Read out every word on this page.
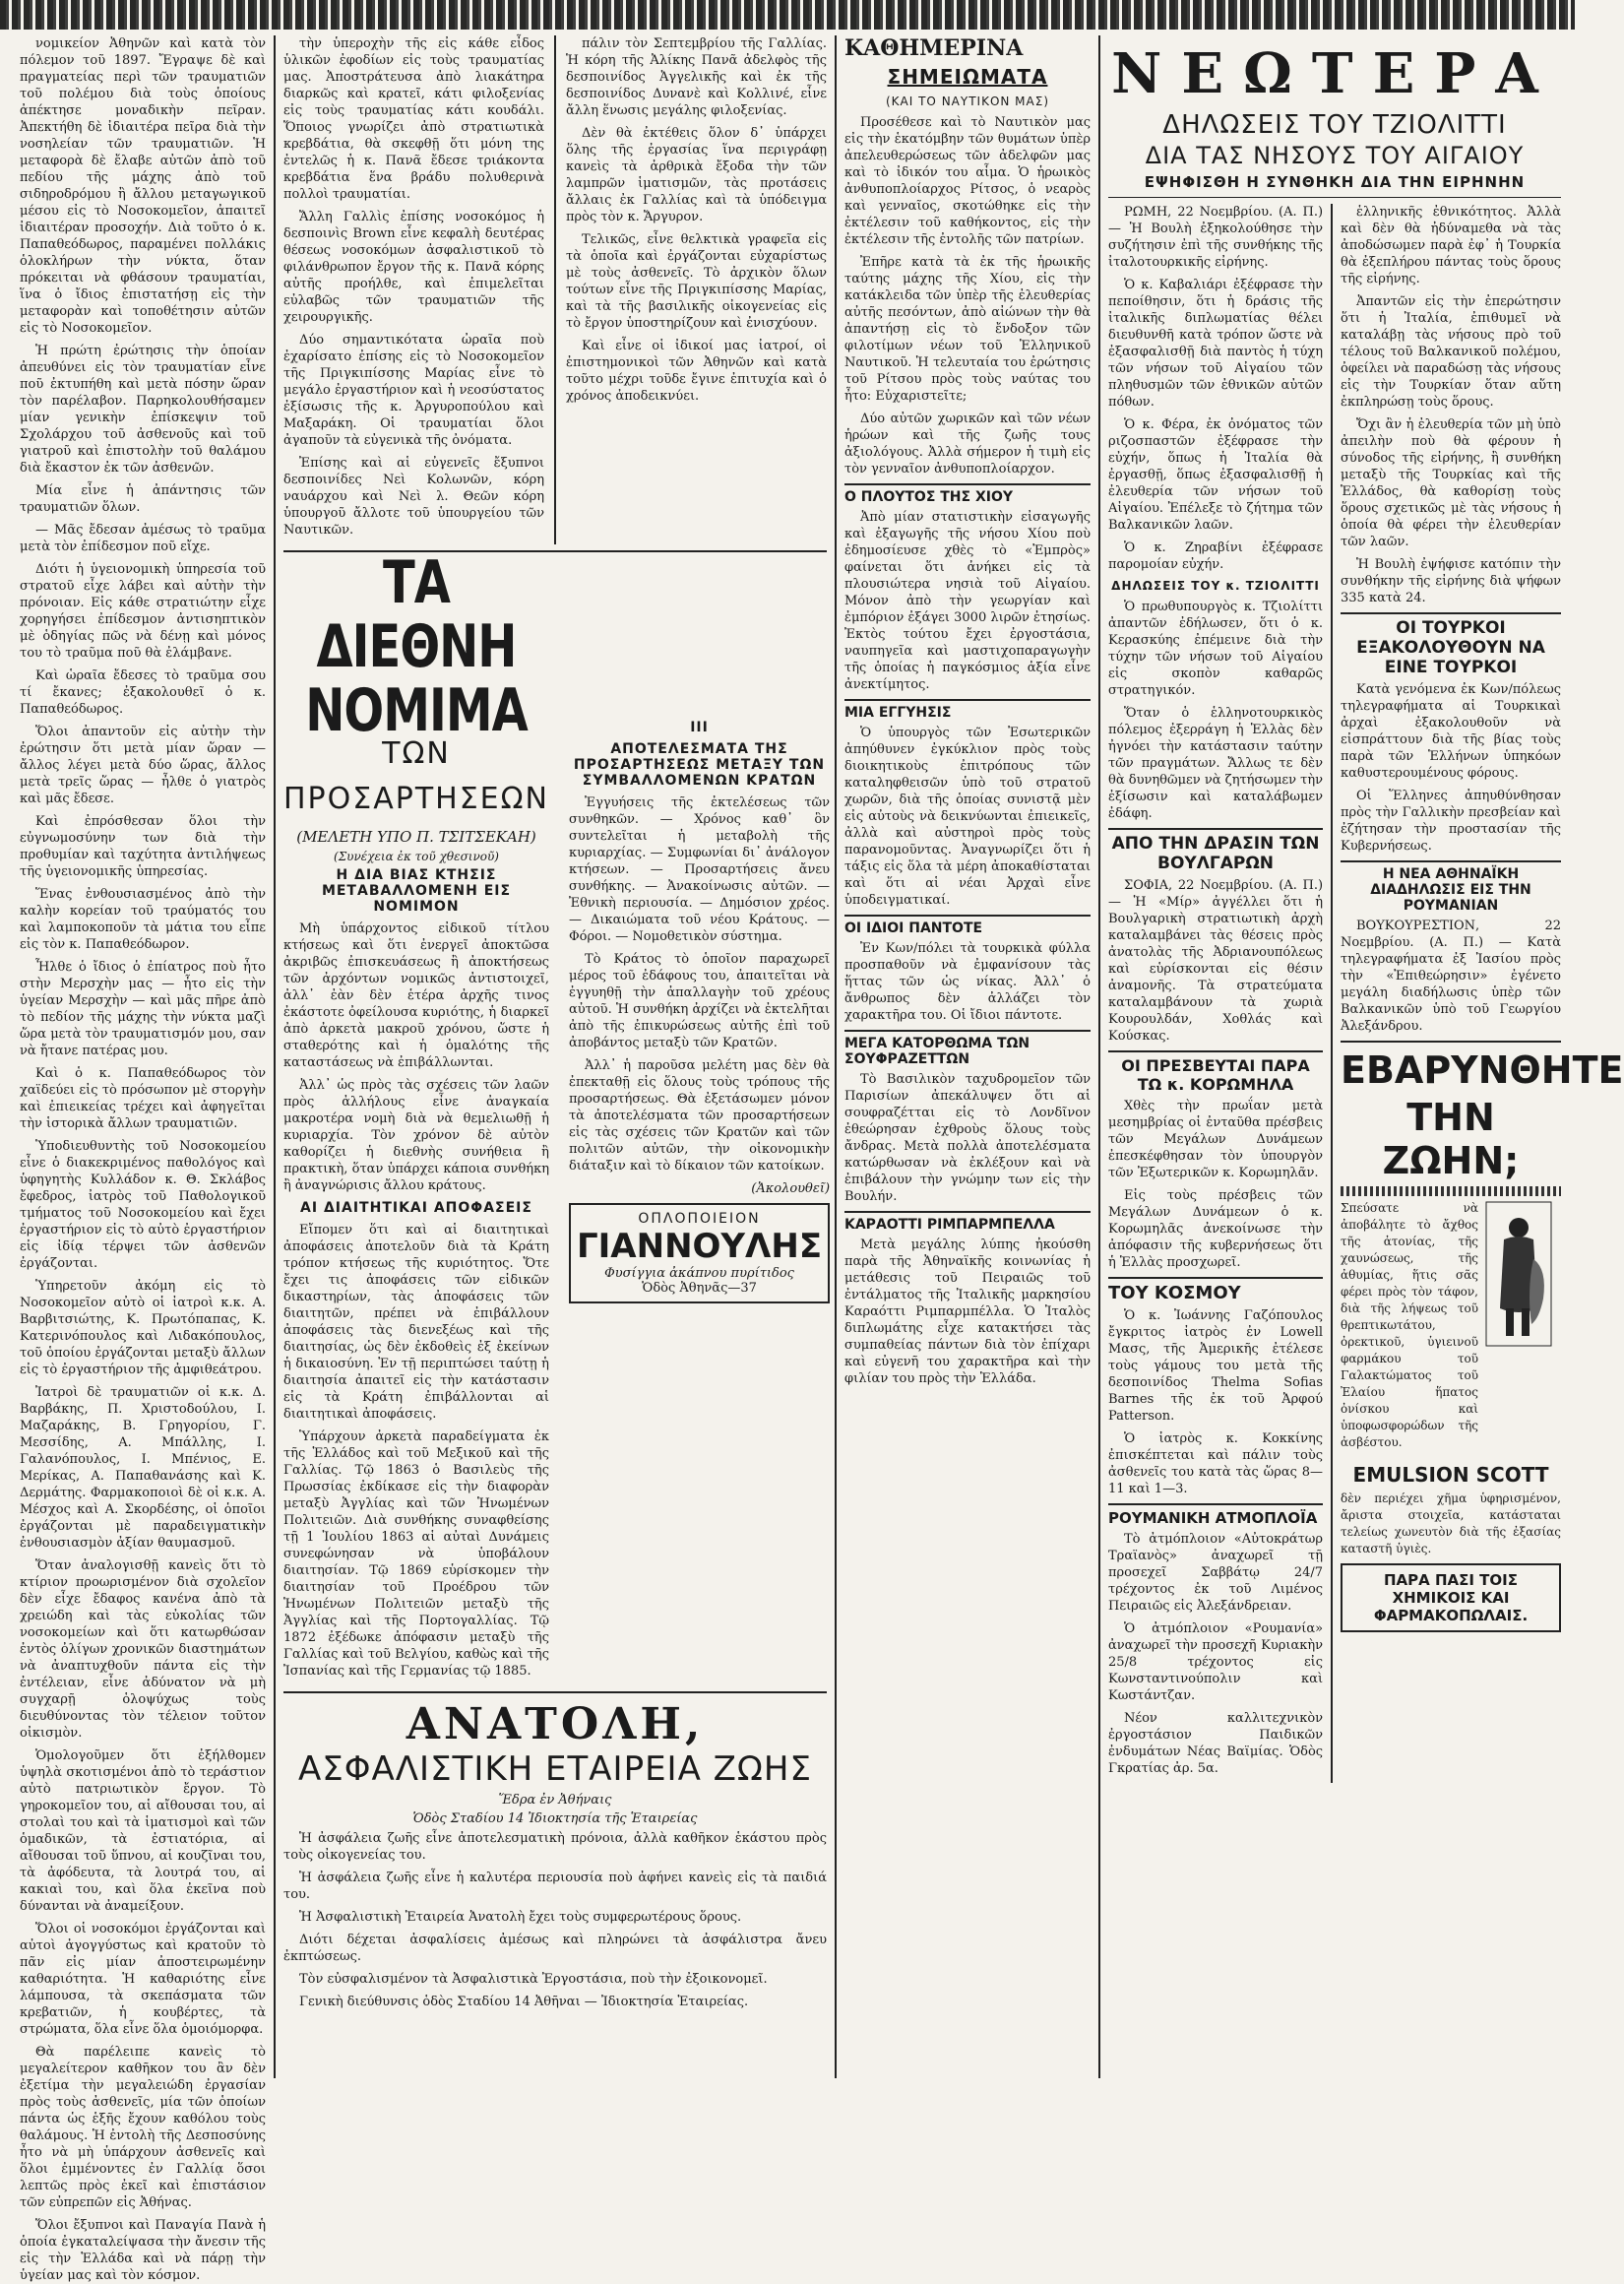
νομικείον Ἀθηνῶν καὶ κατὰ τὸν πόλεμον τοῦ 1897. Ἔγραψε δὲ καὶ πραγματείας περὶ τῶν τραυματιῶν τοῦ πολέμου διὰ τοὺς ὁποίους ἀπέκτησε μοναδικὴν πεῖραν. Ἀπεκτήθη δὲ ἰδιαιτέρα πεῖρα διὰ τὴν νοσηλείαν τῶν τραυματιῶν. Ἡ μεταφορὰ δὲ ἔλαβε αὐτῶν ἀπὸ τοῦ πεδίου τῆς μάχης ἀπὸ τοῦ σιδηροδρόμου ἢ ἄλλου μεταγωγικοῦ μέσου εἰς τὸ Νοσοκομεῖον, ἀπαιτεῖ ἰδιαιτέραν προσοχήν. Διὰ τοῦτο ὁ κ. Παπαθεόδωρος, παραμένει πολλάκις ὁλοκλήρων τὴν νύκτα, ὅταν πρόκειται νὰ φθάσουν τραυματίαι, ἵνα ὁ ἴδιος ἐπιστατήσῃ εἰς τὴν μεταφορὰν καὶ τοποθέτησιν αὐτῶν εἰς τὸ Νοσοκομεῖον.

Ἡ πρώτη ἐρώτησις τὴν ὁποίαν ἀπευθύνει εἰς τὸν τραυματίαν εἶνε ποῦ ἐκτυπήθη καὶ μετὰ πόσην ὥραν τὸν παρέλαβον. Παρηκολουθήσαμεν μίαν γενικὴν ἐπίσκεψιν τοῦ Σχολάρχου τοῦ ἀσθενοῦς καὶ τοῦ γιατροῦ καὶ ἐπιστολὴν τοῦ θαλάμου διὰ ἔκαστον ἐκ τῶν ἀσθενῶν.

Μία εἶνε ἡ ἀπάντησις τῶν τραυματιῶν ὅλων.

— Μᾶς ἔδεσαν ἀμέσως τὸ τραῦμα μετὰ τὸν ἐπίδεσμον ποῦ εἴχε.

Διότι ἡ ὑγειονομικὴ ὑπηρεσία τοῦ στρατοῦ εἶχε λάβει καὶ αὐτὴν τὴν πρόνοιαν. Εἰς κάθε στρατιώτην εἶχε χορηγήσει ἐπίδεσμον ἀντισηπτικὸν μὲ ὁδηγίας πῶς νὰ δένῃ καὶ μόνος του τὸ τραῦμα ποῦ θὰ ἐλάμβανε.

Καὶ ὡραῖα ἔδεσες τὸ τραῦμα σου τί ἔκανες; ἐξακολουθεῖ ὁ κ. Παπαθεόδωρος.

Ὅλοι ἀπαντοῦν εἰς αὐτὴν τὴν ἐρώτησιν ὅτι μετὰ μίαν ὥραν — ἄλλος λέγει μετὰ δύο ὥρας, ἄλλος μετὰ τρεῖς ὥρας — ἦλθε ὁ γιατρὸς καὶ μᾶς ἔδεσε.

Καὶ ἐπρόσθεσαν ὅλοι τὴν εὐγνωμοσύνην των διὰ τὴν προθυμίαν καὶ ταχύτητα ἀντιλήψεως τῆς ὑγειονομικῆς ὑπηρεσίας.

Ἕνας ἐνθουσιασμένος ἀπὸ τὴν καλὴν κορείαν τοῦ τραύματός του καὶ λαμποκοποῦν τὰ μάτια του εἶπε εἰς τὸν κ. Παπαθεόδωρον.

Ἦλθε ὁ ἴδιος ὁ ἐπίατρος ποὺ ἦτο στὴν Μερσχὴν μας — ἦτο εἰς τὴν ὑγείαν Μερσχὴν — καὶ μᾶς πῆρε ἀπὸ τὸ πεδίον τῆς μάχης τὴν νύκτα μαζὶ ὥρα μετὰ τὸν τραυματισμόν μου, σαν νὰ ἤτανε πατέρας μου.

Καὶ ὁ κ. Παπαθεόδωρος τὸν χαϊδεύει εἰς τὸ πρόσωπον μὲ στοργὴν καὶ ἐπιεικείας τρέχει καὶ ἀφηγεῖται τὴν ἱστορικὰ ἄλλων τραυματιῶν.

Ὑποδιευθυντὴς τοῦ Νοσοκομείου εἶνε ὁ διακεκριμένος παθολόγος καὶ ὑφηγητὴς Κυλλάδον κ. Θ. Σκλάβος ἔφεδρος, ἰατρὸς τοῦ Παθολογικοῦ τμήματος τοῦ Νοσοκομείου καὶ ἔχει ἐργαστήριον εἰς τὸ αὐτὸ ἐργαστήριον εἰς ἰδίᾳ τέρψει τῶν ἀσθενῶν ἐργάζονται.

Ὑπηρετοῦν ἀκόμη εἰς τὸ Νοσοκομεῖον αὐτὸ οἱ ἰατροὶ κ.κ. Α. Βαρβιτσιώτης, Κ. Πρωτόπαπας, Κ. Κατερινόπουλος καὶ Λιδακόπουλος, τοῦ ὁποίου ἐργάζονται μεταξὺ ἄλλων εἰς τὸ ἐργαστήριον τῆς ἀμφιθεάτρου.

Ἰατροὶ δὲ τραυματιῶν οἱ κ.κ. Δ. Βαρβάκης, Π. Χριστοδούλου, Ι. Μαζαράκης, Β. Γρηγορίου, Γ. Μεσσίδης, Α. Μπάλλης, Ι. Γαλανόπουλος, Ι. Μπένιος, Ε. Μερίκας, Α. Παπαθανάσης καὶ Κ. Δερμάτης. Φαρμακοποιοὶ δὲ οἱ κ.κ. Α. Μέσχος καὶ Α. Σκορδέσης, οἱ ὁποῖοι ἐργάζονται μὲ παραδειγματικὴν ἐνθουσιασμὸν ἀξίαν θαυμασμοῦ.

Ὅταν ἀναλογισθῇ κανεὶς ὅτι τὸ κτίριον προωρισμένον διὰ σχολεῖον δὲν εἶχε ἔδαφος κανένα ἀπὸ τὰ χρειώδη καὶ τὰς εὐκολίας τῶν νοσοκομείων καὶ ὅτι κατωρθώσαν ἐντὸς ὀλίγων χρονικῶν διαστημάτων νὰ ἀναπτυχθοῦν πάντα εἰς τὴν ἐντέλειαν, εἶνε ἀδύνατον νὰ μὴ συγχαρῇ ὁλοψύχως τοὺς διευθύνοντας τὸν τέλειον τοῦτον οἰκισμὸν.

Ὁμολογοῦμεν ὅτι ἐξήλθομεν ὑψηλὰ σκοτισμένοι ἀπὸ τὸ τεράστιον αὐτὸ πατριωτικὸν ἔργον. Τὸ γηροκομεῖον του, αἱ αἴθουσαι του, αἱ στολαὶ του καὶ τὰ ἱματισμοὶ καὶ τῶν ὁμαδικῶν, τὰ ἐστιατόρια, αἱ αἴθουσαι τοῦ ὕπνου, αἱ κουζῖναι του, τὰ ἀφόδευτα, τὰ λουτρά του, αἱ κακιαὶ του, καὶ ὅλα ἐκεῖνα ποὺ δύνανται νὰ ἀναμείξουν.

Ὅλοι οἱ νοσοκόμοι ἐργάζονται καὶ αὐτοὶ ἀγογγύστως καὶ κρατοῦν τὸ πᾶν εἰς μίαν ἀποστειρωμένην καθαριότητα. Ἡ καθαριότης εἶνε λάμπουσα, τὰ σκεπάσματα τῶν κρεβατιῶν, ἡ κουβέρτες, τὰ στρώματα, ὅλα εἶνε ὅλα ὁμοιόμορφα.

Θὰ παρέλειπε κανεὶς τὸ μεγαλείτερον καθῆκον του ἂν δὲν ἐξετίμα τὴν μεγαλειώδη ἐργασίαν πρὸς τοὺς ἀσθενεῖς, μία τῶν ὁποίων πάντα ὡς ἑξῆς ἔχουν καθόλου τοὺς θαλάμους. Ἡ ἐντολὴ τῆς Δεσποσύνης ἦτο νὰ μὴ ὑπάρχουν ἀσθενεῖς καὶ ὅλοι ἐμμένοντες ἐν Γαλλίᾳ ὅσοι λεπτῶς πρὸς ἐκεῖ καὶ ἐπιστάσιον τῶν εὐπρεπῶν εἰς Ἀθήνας.

Ὅλοι ἔξυπνοι καὶ Παναγία Πανὰ ἡ ὁποία ἐγκαταλείψασα τὴν ἄνεσιν τῆς εἰς τὴν Ἑλλάδα καὶ νὰ πάρῃ τὴν ὑγείαν μας καὶ τὸν κόσμον.

τὴν ὑπεροχὴν τῆς εἰς κάθε εἶδος ὑλικῶν ἐφοδίων εἰς τοὺς τραυματίας μας. Ἀποστράτευσα ἀπὸ λιακάτηρα διαρκῶς καὶ κρατεῖ, κάτι φιλοξενίας εἰς τοὺς τραυματίας κάτι κουδάλι. Ὅποιος γνωρίζει ἀπὸ στρατιωτικὰ κρεβδάτια, θὰ σκεφθῇ ὅτι μόνη της ἐντελῶς ἡ κ. Πανᾶ ἔδεσε τριάκοντα κρεβδάτια ἕνα βράδυ πολυθερινὰ πολλοὶ τραυματίαι.

Ἄλλη Γαλλὶς ἐπίσης νοσοκόμος ἡ δεσποινὶς Brown εἶνε κεφαλὴ δευτέρας θέσεως νοσοκόμων ἀσφαλιστικοῦ τὸ φιλάνθρωπον ἔργον τῆς κ. Πανᾶ κόρης αὐτῆς προήλθε, καὶ ἐπιμελεῖται εὐλαβῶς τῶν τραυματιῶν τῆς χειρουργικῆς.

Δύο σημαντικότατα ὠραῖα ποὺ ἐχαρίσατο ἐπίσης εἰς τὸ Νοσοκομεῖον τῆς Πριγκιπίσσης Μαρίας εἶνε τὸ μεγάλο ἐργαστήριον καὶ ἡ νεοσύστατος ἐξίσωσις τῆς κ. Ἀργυροπούλου καὶ Μαξαράκη. Οἱ τραυματίαι ὅλοι ἀγαποῦν τὰ εὐγενικὰ τῆς ὀνόματα.

Ἐπίσης καὶ αἱ εὐγενεῖς ἔξυπνοι δεσποινίδες Νεὶ Κολωνῶν, κόρη ναυάρχου καὶ Νεὶ λ. Θεῶν κόρη ὑπουργοῦ ἄλλοτε τοῦ ὑπουργείου τῶν Ναυτικῶν.

πάλιν τὸν Σεπτεμβρίου τῆς Γαλλίας. Ἡ κόρη τῆς Ἀλίκης Πανᾶ ἀδελφὸς τῆς δεσποινίδος Ἀγγελικῆς καὶ ἐκ τῆς δεσποινίδος Δυνανὲ καὶ Κολλινέ, εἶνε ἄλλη ἕνωσις μεγάλης φιλοξενίας.

Δὲν θὰ ἐκτέθεις ὅλον δ᾽ ὑπάρχει ὅλης τῆς ἐργασίας ἵνα περιγράφῃ κανεὶς τὰ ἀρθρικὰ ἔξοδα τὴν τῶν λαμπρῶν ἱματισμῶν, τὰς προτάσεις ἄλλαις ἐκ Γαλλίας καὶ τὰ ὑπόδειγμα πρὸς τὸν κ. Ἄργυρον.

Τελικῶς, εἶνε θελκτικὰ γραφεῖα εἰς τὰ ὁποῖα καὶ ἐργάζονται εὐχαρίστως μὲ τοὺς ἀσθενεῖς. Τὸ ἀρχικὸν ὅλων τούτων εἶνε τῆς Πριγκιπίσσης Μαρίας, καὶ τὰ τῆς βασιλικῆς οἰκογενείας εἰς τὸ ἔργον ὑποστηρίζουν καὶ ἐνισχύουν.

Καὶ εἶνε οἱ ἰδικοί μας ἰατροί, οἱ ἐπιστημονικοὶ τῶν Ἀθηνῶν καὶ κατὰ τοῦτο μέχρι τοῦδε ἔγινε ἐπιτυχία καὶ ὁ χρόνος ἀποδεικνύει.

ΤΑ ΔΙΕΘΝΗ ΝΟΜΙΜΑ
ΤΩΝ ΠΡΟΣΑΡΤΗΣΕΩΝ
(ΜΕΛΕΤΗ ΥΠΟ Π. ΤΣΙΤΣΕΚΑΗ)
(Συνέχεια ἐκ τοῦ χθεσινοῦ)
Η ΔΙΑ ΒΙΑΣ ΚΤΗΣΙΣ ΜΕΤΑΒΑΛΛΟΜΕΝΗ ΕΙΣ ΝΟΜΙΜΟΝ

Μὴ ὑπάρχοντος εἰδικοῦ τίτλου κτήσεως καὶ ὅτι ἐνεργεῖ ἀποκτῶσα ἀκριβῶς ἐπισκευάσεως ἢ ἀποκτήσεως τῶν ἀρχόντων νομικῶς ἀντιστοιχεῖ, ἀλλ᾽ ἐὰν δὲν ἑτέρα ἀρχῆς τινος ἐκάστοτε ὀφείλουσα κυριότης, ἡ διαρκεῖ ἀπὸ ἀρκετὰ μακροῦ χρόνου, ὥστε ἡ σταθερότης καὶ ἡ ὁμαλότης τῆς καταστάσεως νὰ ἐπιβάλλωνται.

Ἀλλ᾽ ὡς πρὸς τὰς σχέσεις τῶν λαῶν πρὸς ἀλλήλους εἶνε ἀναγκαία μακροτέρα νομὴ διὰ νὰ θεμελιωθῇ ἡ κυριαρχία. Τὸν χρόνον δὲ αὐτὸν καθορίζει ἡ διεθνὴς συνήθεια ἢ πρακτικὴ, ὅταν ὑπάρχει κάποια συνθήκη ἢ ἀναγνώρισις ἄλλου κράτους.

ΑΙ ΔΙΑΙΤΗΤΙΚΑΙ ΑΠΟΦΑΣΕΙΣ

Εἴπομεν ὅτι καὶ αἱ διαιτητικαὶ ἀποφάσεις ἀποτελοῦν διὰ τὰ Κράτη τρόπον κτήσεως τῆς κυριότητος. Ὅτε ἔχει τις ἀποφάσεις τῶν εἰδικῶν δικαστηρίων, τὰς ἀποφάσεις τῶν διαιτητῶν, πρέπει νὰ ἐπιβάλλουν ἀποφάσεις τὰς διενεξέως καὶ τῆς διαιτησίας, ὡς δὲν ἐκδοθεὶς ἐξ ἐκείνων ἡ δικαιοσύνη. Ἐν τῇ περιπτώσει ταύτῃ ἡ διαιτησία ἀπαιτεῖ εἰς τὴν κατάστασιν εἰς τὰ Κράτη ἐπιβάλλονται αἱ διαιτητικαὶ ἀποφάσεις.

Ὑπάρχουν ἀρκετὰ παραδείγματα ἐκ τῆς Ἑλλάδος καὶ τοῦ Μεξικοῦ καὶ τῆς Γαλλίας. Τῷ 1863 ὁ Βασιλεὺς τῆς Πρωσσίας ἐκδίκασε εἰς τὴν διαφορὰν μεταξὺ Ἀγγλίας καὶ τῶν Ἡνωμένων Πολιτειῶν. Διὰ συνθήκης συναφθείσης τῇ 1 Ἰουλίου 1863 αἱ αὐταὶ Δυνάμεις συνεφώνησαν νὰ ὑποβάλουν διαιτησίαν. Τῷ 1869 εὑρίσκομεν τὴν διαιτησίαν τοῦ Προέδρου τῶν Ἡνωμένων Πολιτειῶν μεταξὺ τῆς Ἀγγλίας καὶ τῆς Πορτογαλλίας. Τῷ 1872 ἐξέδωκε ἀπόφασιν μεταξὺ τῆς Γαλλίας καὶ τοῦ Βελγίου, καθὼς καὶ τῆς Ἰσπανίας καὶ τῆς Γερμανίας τῷ 1885.

III
ΑΠΟΤΕΛΕΣΜΑΤΑ ΤΗΣ ΠΡΟΣΑΡΤΗΣΕΩΣ ΜΕΤΑΞΥ ΤΩΝ ΣΥΜΒΑΛΛΟΜΕΝΩΝ ΚΡΑΤΩΝ

Ἐγγυήσεις τῆς ἐκτελέσεως τῶν συνθηκῶν. — Χρόνος καθ᾽ ὃν συντελεῖται ἡ μεταβολὴ τῆς κυριαρχίας. — Συμφωνίαι δι᾽ ἀνάλογον κτήσεων. — Προσαρτήσεις ἄνευ συνθήκης. — Ἀνακοίνωσις αὐτῶν. — Ἐθνικὴ περιουσία. — Δημόσιον χρέος. — Δικαιώματα τοῦ νέου Κράτους. — Φόροι. — Νομοθετικὸν σύστημα.

Τὸ Κράτος τὸ ὁποῖον παραχωρεῖ μέρος τοῦ ἐδάφους του, ἀπαιτεῖται νὰ ἐγγυηθῇ τὴν ἀπαλλαγὴν τοῦ χρέους αὐτοῦ. Ἡ συνθήκη ἀρχίζει νὰ ἐκτελῆται ἀπὸ τῆς ἐπικυρώσεως αὐτῆς ἐπὶ τοῦ ἀποβάντος μεταξὺ τῶν Κρατῶν.

Ἀλλ᾽ ἡ παροῦσα μελέτη μας δὲν θὰ ἐπεκταθῇ εἰς ὅλους τοὺς τρόπους τῆς προσαρτήσεως. Θὰ ἐξετάσωμεν μόνον τὰ ἀποτελέσματα τῶν προσαρτήσεων εἰς τὰς σχέσεις τῶν Κρατῶν καὶ τῶν πολιτῶν αὐτῶν, τὴν οἰκονομικὴν διάταξιν καὶ τὸ δίκαιον τῶν κατοίκων.

(Ἀκολουθεῖ)

ΟΠΛΟΠΟΙΕΙΟΝ
ΓΙΑΝΝΟΥΛΗΣ
Φυσίγγια ἀκάπνου πυρίτιδος
Ὁδὸς Ἀθηνᾶς—37
ΑΝΑΤΟΛΗ,
ΑΣΦΑΛΙΣΤΙΚΗ ΕΤΑΙΡΕΙΑ ΖΩΗΣ
Ἕδρα ἐν Ἀθήναις
Ὁδὸς Σταδίου 14 Ἰδιοκτησία τῆς Ἑταιρείας

Ἡ ἀσφάλεια ζωῆς εἶνε ἀποτελεσματικὴ πρόνοια, ἀλλὰ καθῆκον ἑκάστου πρὸς τοὺς οἰκογενείας του.

Ἡ ἀσφάλεια ζωῆς εἶνε ἡ καλυτέρα περιουσία ποὺ ἀφήνει κανεὶς εἰς τὰ παιδιά του.

Ἡ Ἀσφαλιστικὴ Ἑταιρεία Ἀνατολὴ ἔχει τοὺς συμφερωτέρους ὅρους.

Διότι δέχεται ἀσφαλίσεις ἀμέσως καὶ πληρώνει τὰ ἀσφάλιστρα ἄνευ ἐκπτώσεως.

Τὸν εὐσφαλισμένον τὰ Ἀσφαλιστικὰ Ἐργοστάσια, ποὺ τὴν ἐξοικονομεῖ.

Γενικὴ διεύθυνσις ὁδὸς Σταδίου 14 Ἀθῆναι — Ἰδιοκτησία Ἑταιρείας.

ΚΑΘΗΜΕΡΙΝΑ
ΣΗΜΕΙΩΜΑΤΑ
(ΚΑΙ ΤΟ ΝΑΥΤΙΚΟΝ ΜΑΣ)

Προσέθεσε καὶ τὸ Ναυτικὸν μας εἰς τὴν ἑκατόμβην τῶν θυμάτων ὑπὲρ ἀπελευθερώσεως τῶν ἀδελφῶν μας καὶ τὸ ἰδικόν του αἷμα. Ὁ ἡρωικὸς ἀνθυποπλοίαρχος Ρίτσος, ὁ νεαρὸς καὶ γενναῖος, σκοτώθηκε εἰς τὴν ἐκτέλεσιν τοῦ καθήκοντος, εἰς τὴν ἐκτέλεσιν τῆς ἐντολῆς τῶν πατρίων.

Ἐπῆρε κατὰ τὰ ἐκ τῆς ἡρωικῆς ταύτης μάχης τῆς Χίου, εἰς τὴν κατάκλειδα τῶν ὑπὲρ τῆς ἐλευθερίας αὐτῆς πεσόντων, ἀπὸ αἰώνων τὴν θὰ ἀπαντήσῃ εἰς τὸ ἔνδοξον τῶν φιλοτίμων νέων τοῦ Ἑλληνικοῦ Ναυτικοῦ. Ἡ τελευταία του ἐρώτησις τοῦ Ρίτσου πρὸς τοὺς ναύτας του ἦτο: Εὐχαριστεῖτε;

Δύο αὐτῶν χωρικῶν καὶ τῶν νέων ἡρώων καὶ τῆς ζωῆς τους ἀξιολόγους. Ἀλλὰ σήμερον ἡ τιμὴ εἰς τὸν γενναῖον ἀνθυποπλοίαρχον.

Ο ΠΛΟΥΤΟΣ ΤΗΣ ΧΙΟΥ

Ἀπὸ μίαν στατιστικὴν εἰσαγωγῆς καὶ ἐξαγωγῆς τῆς νήσου Χίου ποὺ ἐδημοσίευσε χθὲς τὸ «Ἐμπρὸς» φαίνεται ὅτι ἀνήκει εἰς τὰ πλουσιώτερα νησιὰ τοῦ Αἰγαίου. Μόνον ἀπὸ τὴν γεωργίαν καὶ ἐμπόριον ἐξάγει 3000 λιρῶν ἐτησίως. Ἐκτὸς τούτου ἔχει ἐργοστάσια, ναυπηγεῖα καὶ μαστιχοπαραγωγὴν τῆς ὁποίας ἡ παγκόσμιος ἀξία εἶνε ἀνεκτίμητος.

ΜΙΑ ΕΓΓΥΗΣΙΣ

Ὁ ὑπουργὸς τῶν Ἐσωτερικῶν ἀπηύθυνεν ἐγκύκλιον πρὸς τοὺς διοικητικοὺς ἐπιτρόπους τῶν καταληφθεισῶν ὑπὸ τοῦ στρατοῦ χωρῶν, διὰ τῆς ὁποίας συνιστᾷ μὲν εἰς αὐτοὺς νὰ δεικνύωνται ἐπιεικεῖς, ἀλλὰ καὶ αὐστηροὶ πρὸς τοὺς παρανομοῦντας. Ἀναγνωρίζει ὅτι ἡ τάξις εἰς ὅλα τὰ μέρη ἀποκαθίσταται καὶ ὅτι αἱ νέαι Ἀρχαὶ εἶνε ὑποδειγματικαί.

ΟΙ ΙΔΙΟΙ ΠΑΝΤΟΤΕ

Ἐν Κων/πόλει τὰ τουρκικὰ φύλλα προσπαθοῦν νὰ ἐμφανίσουν τὰς ἥττας τῶν ὡς νίκας. Ἀλλ᾽ ὁ ἄνθρωπος δὲν ἀλλάζει τὸν χαρακτῆρα του. Οἱ ἴδιοι πάντοτε.

ΜΕΓΑ ΚΑΤΟΡΘΩΜΑ ΤΩΝ ΣΟΥΦΡΑΖΕΤΤΩΝ

Τὸ Βασιλικὸν ταχυδρομεῖον τῶν Παρισίων ἀπεκάλυψεν ὅτι αἱ σουφραζέτται εἰς τὸ Λονδῖνον ἐθεώρησαν ἐχθροὺς ὅλους τοὺς ἄνδρας. Μετὰ πολλὰ ἀποτελέσματα κατώρθωσαν νὰ ἐκλέξουν καὶ νὰ ἐπιβάλουν τὴν γνώμην των εἰς τὴν Βουλήν.

ΚΑΡΑΟΤΤΙ ΡΙΜΠΑΡΜΠΕΛΛΑ

Μετὰ μεγάλης λύπης ἠκούσθη παρὰ τῆς Ἀθηναϊκῆς κοινωνίας ἡ μετάθεσις τοῦ Πειραιῶς τοῦ ἐντάλματος τῆς Ἰταλικῆς μαρκησίου Καραόττι Ριμπαρμπέλλα. Ὁ Ἰταλὸς διπλωμάτης εἶχε κατακτήσει τὰς συμπαθείας πάντων διὰ τὸν ἐπίχαρι καὶ εὐγενῆ του χαρακτῆρα καὶ τὴν φιλίαν του πρὸς τὴν Ἑλλάδα.

ΝΕΩΤΕΡΑ
ΔΗΛΩΣΕΙΣ ΤΟΥ ΤΖΙΟΛΙΤΤΙ
ΔΙΑ ΤΑΣ ΝΗΣΟΥΣ ΤΟΥ ΑΙΓΑΙΟΥ
ΕΨΗΦΙΣΘΗ Η ΣΥΝΘΗΚΗ ΔΙΑ ΤΗΝ ΕΙΡΗΝΗΝ

ΡΩΜΗ, 22 Νοεμβρίου. (Α. Π.) — Ἡ Βουλὴ ἐξηκολούθησε τὴν συζήτησιν ἐπὶ τῆς συνθήκης τῆς ἰταλοτουρκικῆς εἰρήνης.

Ὁ κ. Καβαλιάρι ἐξέφρασε τὴν πεποίθησιν, ὅτι ἡ δράσις τῆς ἰταλικῆς διπλωματίας θέλει διευθυνθῆ κατὰ τρόπον ὥστε νὰ ἐξασφαλισθῇ διὰ παντὸς ἡ τύχη τῶν νήσων τοῦ Αἰγαίου τῶν πληθυσμῶν τῶν ἐθνικῶν αὐτῶν πόθων.

Ὁ κ. Φέρα, ἐκ ὀνόματος τῶν ριζοσπαστῶν ἐξέφρασε τὴν εὐχήν, ὅπως ἡ Ἰταλία θὰ ἐργασθῇ, ὅπως ἐξασφαλισθῇ ἡ ἐλευθερία τῶν νήσων τοῦ Αἰγαίου. Ἐπέλεξε τὸ ζήτημα τῶν Βαλκανικῶν λαῶν.

Ὁ κ. Ζηραβίνι ἐξέφρασε παρομοίαν εὐχήν.

ΔΗΛΩΣΕΙΣ ΤΟΥ κ. ΤΖΙΟΛΙΤΤΙ

Ὁ πρωθυπουργὸς κ. Τζιολίττι ἀπαντῶν ἐδήλωσεν, ὅτι ὁ κ. Κερασκύης ἐπέμεινε διὰ τὴν τύχην τῶν νήσων τοῦ Αἰγαίου εἰς σκοπὸν καθαρῶς στρατηγικόν.

Ὅταν ὁ ἑλληνοτουρκικὸς πόλεμος ἐξερράγη ἡ Ἑλλὰς δὲν ἠγνόει τὴν κατάστασιν ταύτην τῶν πραγμάτων. Ἄλλως τε δὲν θὰ δυνηθῶμεν νὰ ζητήσωμεν τὴν ἐξίσωσιν καὶ καταλάβωμεν ἐδάφη.

ΑΠΟ ΤΗΝ ΔΡΑΣΙΝ ΤΩΝ ΒΟΥΛΓΑΡΩΝ

ΣΟΦΙΑ, 22 Νοεμβρίου. (Α. Π.) — Ἡ «Μίρ» ἀγγέλλει ὅτι ἡ Βουλγαρικὴ στρατιωτικὴ ἀρχὴ καταλαμβάνει τὰς θέσεις πρὸς ἀνατολὰς τῆς Ἀδριανουπόλεως καὶ εὑρίσκονται εἰς θέσιν ἀναμονῆς. Τὰ στρατεύματα καταλαμβάνουν τὰ χωριὰ Κουρουλδάν, Χοθλάς καὶ Κούσκας.

ΟΙ ΠΡΕΣΒΕΥΤΑΙ ΠΑΡΑ ΤΩ κ. ΚΟΡΩΜΗΛΑ

Χθὲς τὴν πρωΐαν μετὰ μεσημβρίας οἱ ἐνταῦθα πρέσβεις τῶν Μεγάλων Δυνάμεων ἐπεσκέφθησαν τὸν ὑπουργὸν τῶν Ἐξωτερικῶν κ. Κορωμηλᾶν.

Εἰς τοὺς πρέσβεις τῶν Μεγάλων Δυνάμεων ὁ κ. Κορωμηλᾶς ἀνεκοίνωσε τὴν ἀπόφασιν τῆς κυβερνήσεως ὅτι ἡ Ἑλλὰς προσχωρεῖ.

ΤΟΥ ΚΟΣΜΟΥ

Ὁ κ. Ἰωάννης Γαζόπουλος ἔγκριτος ἰατρὸς ἐν Lowell Μασς, τῆς Ἀμερικῆς ἐτέλεσε τοὺς γάμους του μετὰ τῆς δεσποινίδος Thelma Sofias Barnes τῆς ἐκ τοῦ Ἀρφού Patterson.

Ὁ ἰατρὸς κ. Κοκκίνης ἐπισκέπτεται καὶ πάλιν τοὺς ἀσθενεῖς του κατὰ τὰς ὥρας 8—11 καὶ 1—3.

ΡΟΥΜΑΝΙΚΗ ΑΤΜΟΠΛΟΪΑ

Τὸ ἀτμόπλοιον «Αὐτοκράτωρ Τραϊανὸς» ἀναχωρεῖ τῇ προσεχεῖ Σαββάτῳ 24/7 τρέχοντος ἐκ τοῦ Λιμένος Πειραιῶς εἰς Ἀλεξάνδρειαν.

Ὁ ἀτμόπλοιον «Ρουμανία» ἀναχωρεῖ τὴν προσεχῆ Κυριακὴν 25/8 τρέχοντος εἰς Κωνσταντινούπολιν καὶ Κωστάντζαν.

Νέον καλλιτεχνικὸν ἐργοστάσιον Παιδικῶν ἐνδυμάτων Νέας Βαϊμίας. Ὁδὸς Γκρατίας ἀρ. 5α.

ἑλληνικῆς ἐθνικότητος. Ἀλλὰ καὶ δὲν θὰ ἠδύναμεθα νὰ τὰς ἀποδώσωμεν παρὰ ἐφ᾽ ἡ Τουρκία θὰ ἐξεπλήρου πάντας τοὺς ὅρους τῆς εἰρήνης.

Ἀπαντῶν εἰς τὴν ἐπερώτησιν ὅτι ἡ Ἰταλία, ἐπιθυμεῖ νὰ καταλάβῃ τὰς νήσους πρὸ τοῦ τέλους τοῦ Βαλκανικοῦ πολέμου, ὀφείλει νὰ παραδώσῃ τὰς νήσους εἰς τὴν Τουρκίαν ὅταν αὕτη ἐκπληρώσῃ τοὺς ὅρους.

Ὄχι ἂν ἡ ἐλευθερία τῶν μὴ ὑπὸ ἀπειλὴν ποὺ θὰ φέρουν ἡ σύνοδος τῆς εἰρήνης, ἢ συνθήκη μεταξὺ τῆς Τουρκίας καὶ τῆς Ἑλλάδος, θὰ καθορίσῃ τοὺς ὅρους σχετικῶς μὲ τὰς νήσους ἡ ὁποία θὰ φέρει τὴν ἐλευθερίαν τῶν λαῶν.

Ἡ Βουλὴ ἐψήφισε κατόπιν τὴν συνθήκην τῆς εἰρήνης διὰ ψήφων 335 κατὰ 24.

ΟΙ ΤΟΥΡΚΟΙ ΕΞΑΚΟΛΟΥΘΟΥΝ ΝΑ ΕΙΝΕ ΤΟΥΡΚΟΙ

Κατὰ γενόμενα ἐκ Κων/πόλεως τηλεγραφήματα αἱ Τουρκικαὶ ἀρχαὶ ἐξακολουθοῦν νὰ εἰσπράττουν διὰ τῆς βίας τοὺς παρὰ τῶν Ἑλλήνων ὑπηκόων καθυστερουμένους φόρους.

Οἱ Ἕλληνες ἀπηυθύνθησαν πρὸς τὴν Γαλλικὴν πρεσβείαν καὶ ἐζήτησαν τὴν προστασίαν τῆς Κυβερνήσεως.

Η ΝΕΑ ΑΘΗΝΑΪΚΗ ΔΙΑΔΗΛΩΣΙΣ ΕΙΣ ΤΗΝ ΡΟΥΜΑΝΙΑΝ

ΒΟΥΚΟΥΡΕΣΤΙΟΝ, 22 Νοεμβρίου. (Α. Π.) — Κατὰ τηλεγραφήματα ἐξ Ἰασίου πρὸς τὴν «Ἐπιθεώρησιν» ἐγένετο μεγάλη διαδήλωσις ὑπὲρ τῶν Βαλκανικῶν ὑπὸ τοῦ Γεωργίου Ἀλεξάνδρου.

ΕΒΑΡΥΝΘΗΤΕ
ΤΗΝ ΖΩΗΝ;

Σπεύσατε νὰ ἀποβάλητε τὸ ἄχθος τῆς ἀτονίας, τῆς χαυνώσεως, τῆς ἀθυμίας, ἥτις σᾶς φέρει πρὸς τὸν τάφον, διὰ τῆς λήψεως τοῦ θρεπτικωτάτου, ὀρεκτικοῦ, ὑγιεινοῦ φαρμάκου τοῦ Γαλακτώματος τοῦ Ἐλαίου ἥπατος ὀνίσκου καὶ ὑποφωσφορώδων τῆς ἀσβέστου.

EMULSION SCOTT

δὲν περιέχει χῆμα ὑφηρισμένον, ἄριστα στοιχεῖα, κατάσταται τελείως χωνευτὸν διὰ τῆς ἐξασίας καταστῆ ὑγιὲς.

ΠΑΡΑ ΠΑΣΙ ΤΟΙΣ ΧΗΜΙΚΟΙΣ ΚΑΙ ΦΑΡΜΑΚΟΠΩΛΑΙΣ.
